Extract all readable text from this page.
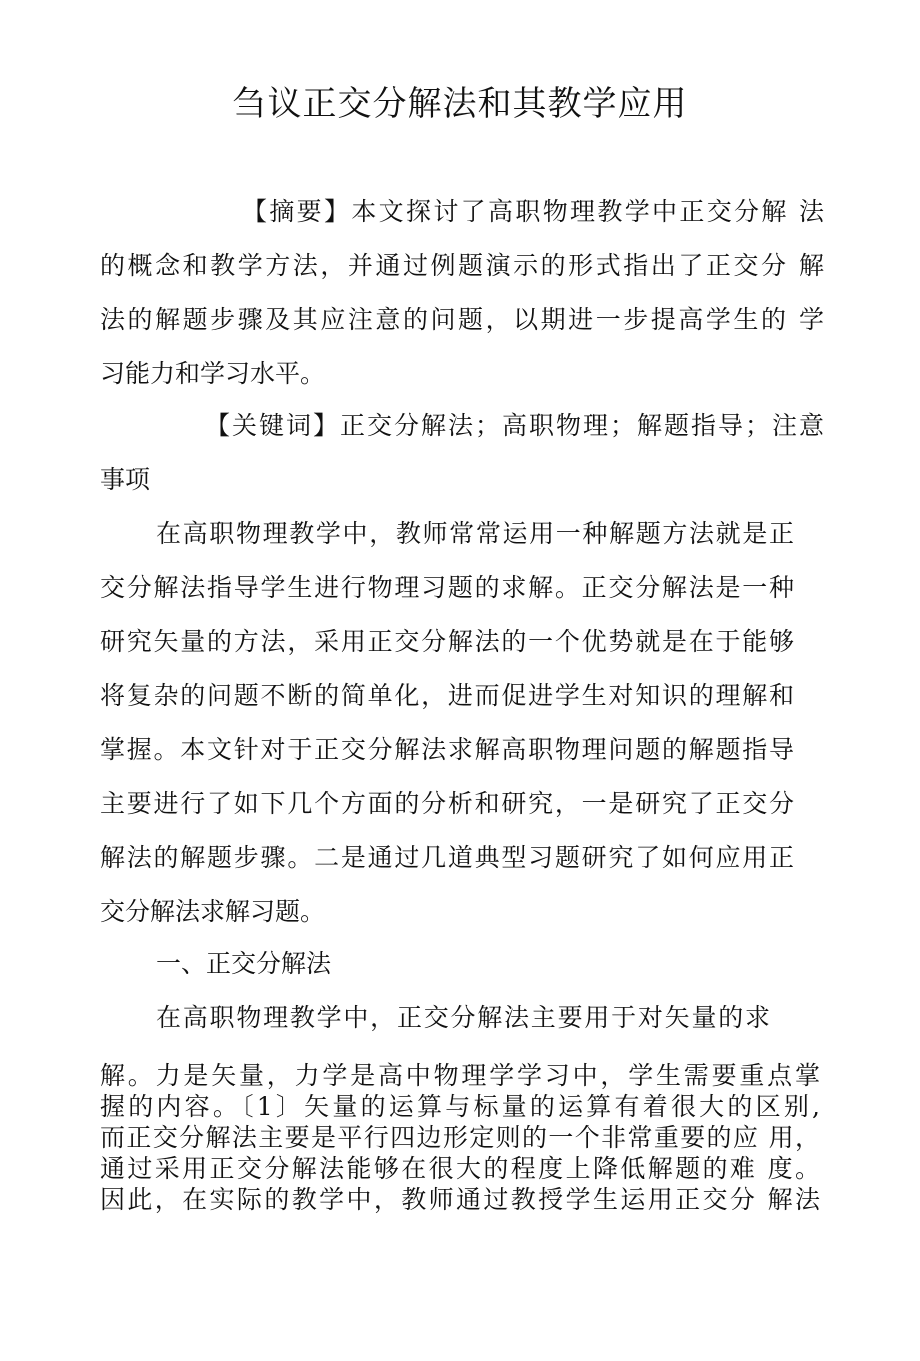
刍议正交分解法和其教学应用
【摘要】本文探讨了高职物理教学中正交分解 法
的概念和教学方法，并通过例题演示的形式指出了正交分 解
法的解题步骤及其应注意的问题，以期进一步提高学生的 学
习能力和学习水平。
【关键词】正交分解法；高职物理；解题指导；注意
事项
在高职物理教学中，教师常常运用一种解题方法就是正
交分解法指导学生进行物理习题的求解。正交分解法是一种
研究矢量的方法，采用正交分解法的一个优势就是在于能够
将复杂的问题不断的简单化，进而促进学生对知识的理解和
掌握。本文针对于正交分解法求解高职物理问题的解题指导
主要进行了如下几个方面的分析和研究，一是研究了正交分
解法的解题步骤。二是通过几道典型习题研究了如何应用正
交分解法求解习题。
一、正交分解法
在高职物理教学中，正交分解法主要用于对矢量的求
解。力是矢量，力学是高中物理学学习中，学生需要重点掌
握的内容。〔1〕矢量的运算与标量的运算有着很大的区别,
而正交分解法主要是平行四边形定则的一个非常重要的应 用，
通过采用正交分解法能够在很大的程度上降低解题的难 度。
因此，在实际的教学中，教师通过教授学生运用正交分 解法
